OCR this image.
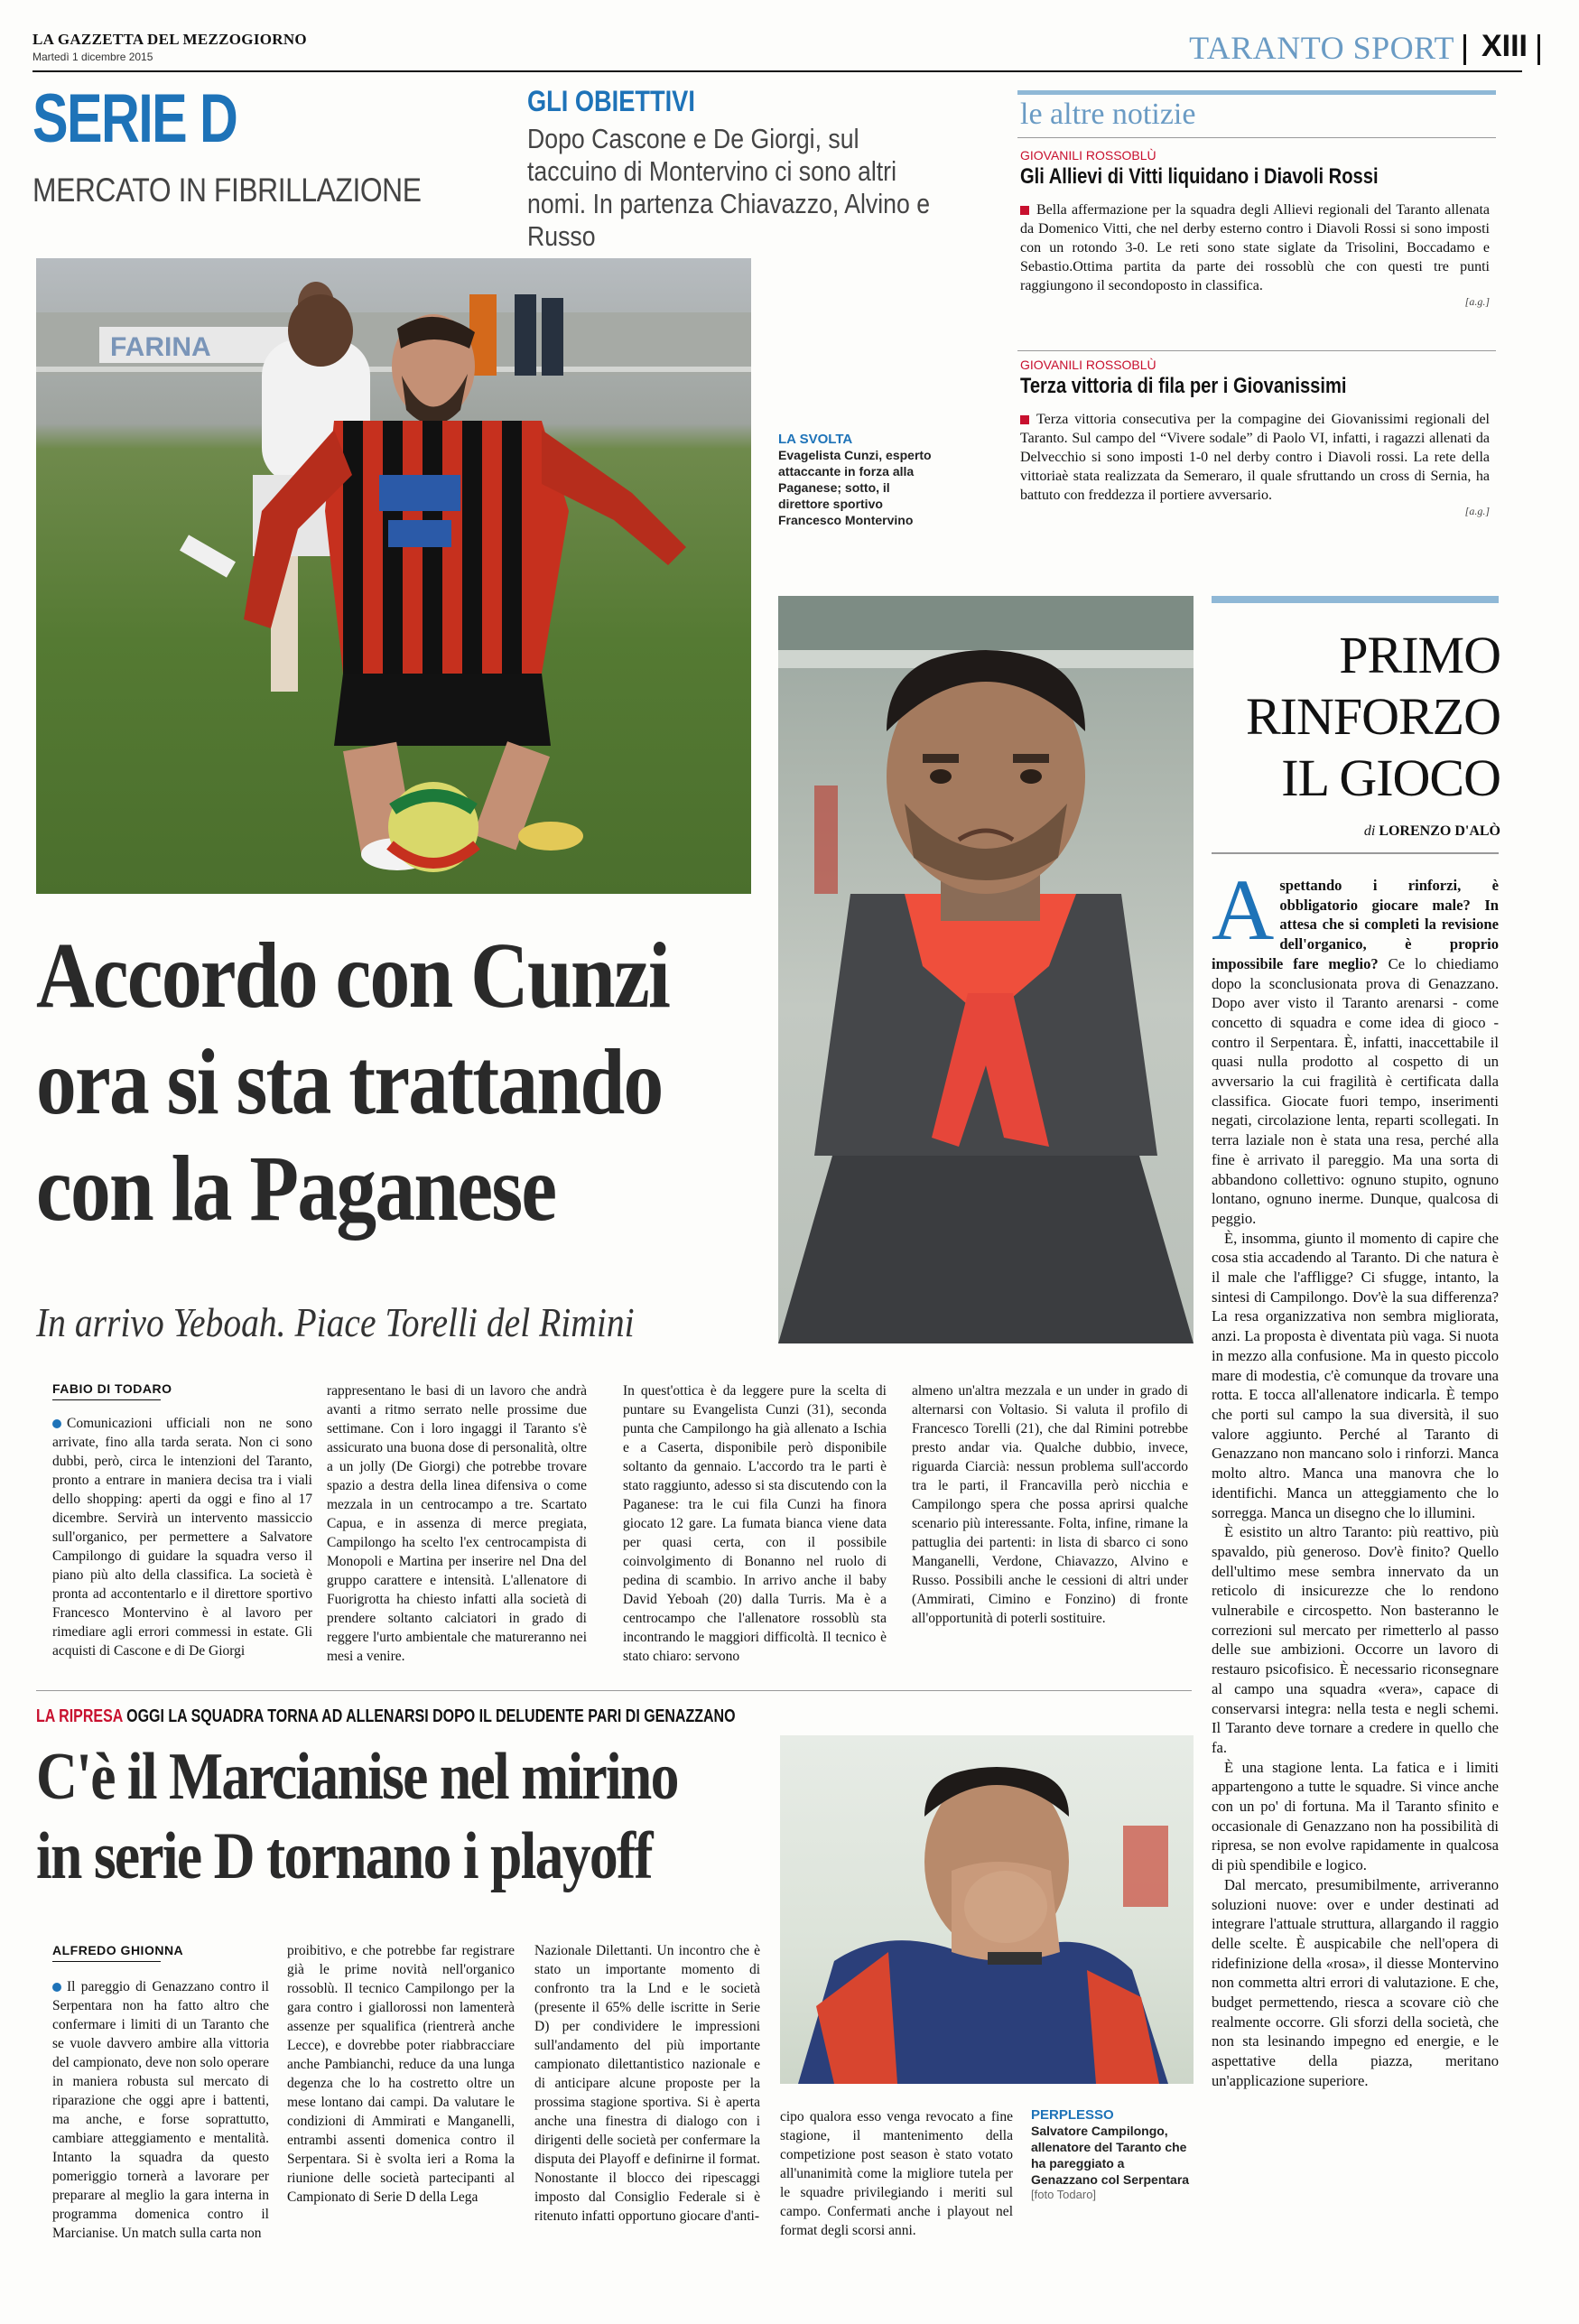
LA GAZZETTA DEL MEZZOGIORNO
Martedì 1 dicembre 2015	TARANTO SPORT XIII
SERIE D
MERCATO IN FIBRILLAZIONE
GLI OBIETTIVI
Dopo Cascone e De Giorgi, sul taccuino di Montervino ci sono altri nomi. In partenza Chiavazzo, Alvino e Russo
FARINA
LA SVOLTA
Evagelista Cunzi, esperto attaccante in forza alla Paganese; sotto, il direttore sportivo Francesco Montervino
le altre notizie
GIOVANILI ROSSOBLÙ
Gli Allievi di Vitti liquidano i Diavoli Rossi
Bella affermazione per la squadra degli Allievi regionali del Taranto allenata da Domenico Vitti, che nel derby esterno contro i Diavoli Rossi si sono imposti con un rotondo 3-0. Le reti sono state siglate da Trisolini, Boccadamo e Sebastio.Ottima partita da parte dei rossoblù che con questi tre punti raggiungono il secondoposto in classifica.
[a.g.]
GIOVANILI ROSSOBLÙ
Terza vittoria di fila per i Giovanissimi
Terza vittoria consecutiva per la compagine dei Giovanissimi regionali del Taranto. Sul campo del “Vivere sodale” di Paolo VI, infatti, i ragazzi allenati da Delvecchio si sono imposti 1-0 nel derby contro i Diavoli rossi. La rete della vittoriaè stata realizzata da Semeraro, il quale sfruttando un cross di Sernia, ha battuto con freddezza il portiere avversario.
[a.g.]
PRIMO
RINFORZO
IL GIOCO
di LORENZO D'ALÒ
A spettando i rinforzi, è obbligatorio giocare male? In attesa che si completi la revisione dell'organico, è proprio impossibile fare meglio? Ce lo chiediamo dopo la sconclusionata prova di Genazzano. Dopo aver visto il Taranto arenarsi - come concetto di squadra e come idea di gioco - contro il Serpentara. È, infatti, inaccettabile il quasi nulla prodotto al cospetto di un avversario la cui fragilità è certificata dalla classifica. Giocate fuori tempo, inserimenti negati, circolazione lenta, reparti scollegati. In terra laziale non è stata una resa, perché alla fine è arrivato il pareggio. Ma una sorta di abbandono collettivo: ognuno stupito, ognuno lontano, ognuno inerme. Dunque, qualcosa di peggio.

È, insomma, giunto il momento di capire che cosa stia accadendo al Taranto. Di che natura è il male che l'affligge? Ci sfugge, intanto, la sintesi di Campilongo. Dov'è la sua differenza? La resa organizzativa non sembra migliorata, anzi. La proposta è diventata più vaga. Si nuota in mezzo alla confusione. Ma in questo piccolo mare di modestia, c'è comunque da trovare una rotta. E tocca all'allenatore indicarla. È tempo che porti sul campo la sua diversità, il suo valore aggiunto. Perché al Taranto di Genazzano non mancano solo i rinforzi. Manca molto altro. Manca una manovra che lo identifichi. Manca un atteggiamento che lo sorregga. Manca un disegno che lo illumini.

È esistito un altro Taranto: più reattivo, più spavaldo, più generoso. Dov'è finito? Quello dell'ultimo mese sembra innervato da un reticolo di insicurezze che lo rendono vulnerabile e circospetto. Non basteranno le correzioni sul mercato per rimetterlo al passo delle sue ambizioni. Occorre un lavoro di restauro psicofisico. È necessario riconsegnare al campo una squadra «vera», capace di conservarsi integra: nella testa e negli schemi. Il Taranto deve tornare a credere in quello che fa.

È una stagione lenta. La fatica e i limiti appartengono a tutte le squadre. Si vince anche con un po' di fortuna. Ma il Taranto sfinito e occasionale di Genazzano non ha possibilità di ripresa, se non evolve rapidamente in qualcosa di più spendibile e logico.

Dal mercato, presumibilmente, arriveranno soluzioni nuove: over e under destinati ad integrare l'attuale struttura, allargando il raggio delle scelte. È auspicabile che nell'opera di ridefinizione della «rosa», il diesse Montervino non commetta altri errori di valutazione. E che, budget permettendo, riesca a scovare ciò che realmente occorre. Gli sforzi della società, che non sta lesinando impegno ed energie, e le aspettative della piazza, meritano un'applicazione superiore.

Accordo con Cunzi
ora si sta trattando
con la Paganese
In arrivo Yeboah. Piace Torelli del Rimini
FABIO DI TODARO
Comunicazioni ufficiali non ne sono arrivate, fino alla tarda serata. Non ci sono dubbi, però, circa le intenzioni del Taranto, pronto a entrare in maniera decisa tra i viali dello shopping: aperti da oggi e fino al 17 dicembre. Servirà un intervento massiccio sull'organico, per permettere a Salvatore Campilongo di guidare la squadra verso il piano più alto della classifica. La società è pronta ad accontentarlo e il direttore sportivo Francesco Montervino è al lavoro per rimediare agli errori commessi in estate. Gli acquisti di Cascone e di De Giorgi
rappresentano le basi di un lavoro che andrà avanti a ritmo serrato nelle prossime due settimane. Con i loro ingaggi il Taranto s'è assicurato una buona dose di personalità, oltre a un jolly (De Giorgi) che potrebbe trovare spazio a destra della linea difensiva o come mezzala in un centrocampo a tre. Scartato Capua, e in assenza di merce pregiata, Campilongo ha scelto l'ex centrocampista di Monopoli e Martina per inserire nel Dna del gruppo carattere e intensità. L'allenatore di Fuorigrotta ha chiesto infatti alla società di prendere soltanto calciatori in grado di reggere l'urto ambientale che matureranno nei mesi a venire.
In quest'ottica è da leggere pure la scelta di puntare su Evangelista Cunzi (31), seconda punta che Campilongo ha già allenato a Ischia e a Caserta, disponibile però disponibile soltanto da gennaio. L'accordo tra le parti è stato raggiunto, adesso si sta discutendo con la Paganese: tra le cui fila Cunzi ha finora giocato 12 gare. La fumata bianca viene data per quasi certa, con il possibile coinvolgimento di Bonanno nel ruolo di pedina di scambio. In arrivo anche il baby David Yeboah (20) dalla Turris. Ma è a centrocampo che l'allenatore rossoblù sta incontrando le maggiori difficoltà. Il tecnico è stato chiaro: servono
almeno un'altra mezzala e un under in grado di alternarsi con Voltasio. Si valuta il profilo di Francesco Torelli (21), che dal Rimini potrebbe presto andar via. Qualche dubbio, invece, riguarda Ciarcià: nessun problema sull'accordo tra le parti, il Francavilla però nicchia e Campilongo spera che possa aprirsi qualche scenario più interessante. Folta, infine, rimane la pattuglia dei partenti: in lista di sbarco ci sono Manganelli, Verdone, Chiavazzo, Alvino e Russo. Possibili anche le cessioni di altri under (Ammirati, Cimino e Fonzino) di fronte all'opportunità di poterli sostituire.
LA RIPRESA OGGI LA SQUADRA TORNA AD ALLENARSI DOPO IL DELUDENTE PARI DI GENAZZANO
C'è il Marcianise nel mirino
in serie D tornano i playoff
ALFREDO GHIONNA
Il pareggio di Genazzano contro il Serpentara non ha fatto altro che confermare i limiti di un Taranto che se vuole davvero ambire alla vittoria del campionato, deve non solo operare in maniera robusta sul mercato di riparazione che oggi apre i battenti, ma anche, e forse soprattutto, cambiare atteggiamento e mentalità. Intanto la squadra da questo pomeriggio tornerà a lavorare per preparare al meglio la gara interna in programma domenica contro il Marcianise. Un match sulla carta non
proibitivo, e che potrebbe far registrare già le prime novità nell'organico rossoblù. Il tecnico Campilongo per la gara contro i giallorossi non lamenterà assenze per squalifica (rientrerà anche Lecce), e dovrebbe poter riabbracciare anche Pambianchi, reduce da una lunga degenza che lo ha costretto oltre un mese lontano dai campi. Da valutare le condizioni di Ammirati e Manganelli, entrambi assenti domenica contro il Serpentara. Si è svolta ieri a Roma la riunione delle società partecipanti al Campionato di Serie D della Lega
Nazionale Dilettanti. Un incontro che è stato un importante momento di confronto tra la Lnd e le società (presente il 65% delle iscritte in Serie D) per condividere le impressioni sull'andamento del più importante campionato dilettantistico nazionale e di anticipare alcune proposte per la prossima stagione sportiva. Si è aperta anche una finestra di dialogo con i dirigenti delle società per confermare la disputa dei Playoff e definirne il format. Nonostante il blocco dei ripescaggi imposto dal Consiglio Federale si è ritenuto infatti opportuno giocare d'anti-
cipo qualora esso venga revocato a fine stagione, il mantenimento della competizione post season è stato votato all'unanimità come la migliore tutela per le squadre privilegiando i meriti sul campo. Confermati anche i playout nel format degli scorsi anni.
PERPLESSO
Salvatore Campilongo, allenatore del Taranto che ha pareggiato a Genazzano col Serpentara
[foto Todaro]
